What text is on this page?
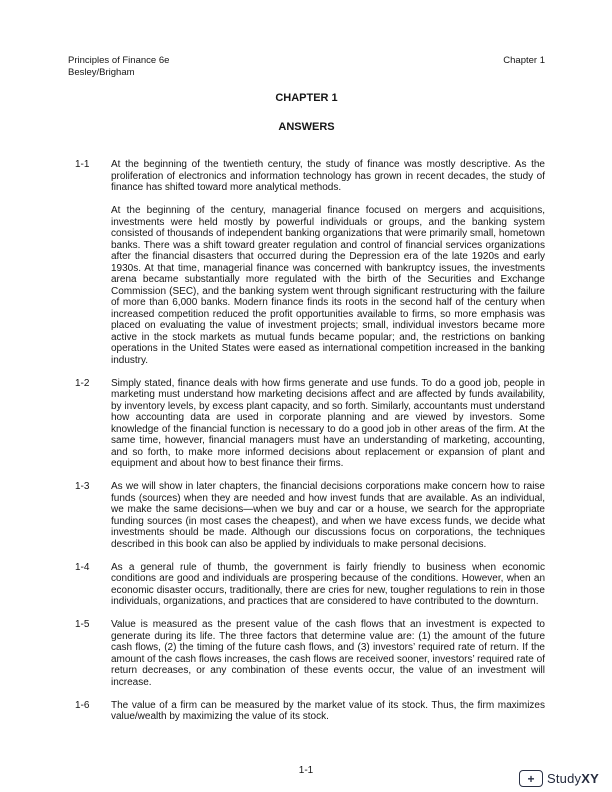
Principles of Finance 6e
Besley/Brigham
Chapter 1
CHAPTER 1
ANSWERS
1-1	At the beginning of the twentieth century, the study of finance was mostly descriptive. As the proliferation of electronics and information technology has grown in recent decades, the study of finance has shifted toward more analytical methods.

At the beginning of the century, managerial finance focused on mergers and acquisitions, investments were held mostly by powerful individuals or groups, and the banking system consisted of thousands of independent banking organizations that were primarily small, hometown banks. There was a shift toward greater regulation and control of financial services organizations after the financial disasters that occurred during the Depression era of the late 1920s and early 1930s. At that time, managerial finance was concerned with bankruptcy issues, the investments arena became substantially more regulated with the birth of the Securities and Exchange Commission (SEC), and the banking system went through significant restructuring with the failure of more than 6,000 banks. Modern finance finds its roots in the second half of the century when increased competition reduced the profit opportunities available to firms, so more emphasis was placed on evaluating the value of investment projects; small, individual investors became more active in the stock markets as mutual funds became popular; and, the restrictions on banking operations in the United States were eased as international competition increased in the banking industry.

1-2	Simply stated, finance deals with how firms generate and use funds. To do a good job, people in marketing must understand how marketing decisions affect and are affected by funds availability, by inventory levels, by excess plant capacity, and so forth. Similarly, accountants must understand how accounting data are used in corporate planning and are viewed by investors. Some knowledge of the financial function is necessary to do a good job in other areas of the firm. At the same time, however, financial managers must have an understanding of marketing, accounting, and so forth, to make more informed decisions about replacement or expansion of plant and equipment and about how to best finance their firms.

1-3	As we will show in later chapters, the financial decisions corporations make concern how to raise funds (sources) when they are needed and how invest funds that are available. As an individual, we make the same decisions—when we buy and car or a house, we search for the appropriate funding sources (in most cases the cheapest), and when we have excess funds, we decide what investments should be made. Although our discussions focus on corporations, the techniques described in this book can also be applied by individuals to make personal decisions.

1-4	As a general rule of thumb, the government is fairly friendly to business when economic conditions are good and individuals are prospering because of the conditions. However, when an economic disaster occurs, traditionally, there are cries for new, tougher regulations to rein in those individuals, organizations, and practices that are considered to have contributed to the downturn.

1-5	Value is measured as the present value of the cash flows that an investment is expected to generate during its life. The three factors that determine value are: (1) the amount of the future cash flows, (2) the timing of the future cash flows, and (3) investors’ required rate of return. If the amount of the cash flows increases, the cash flows are received sooner, investors’ required rate of return decreases, or any combination of these events occur, the value of an investment will increase.

1-6	The value of a firm can be measured by the market value of its stock. Thus, the firm maximizes value/wealth by maximizing the value of its stock.

1-1
+ StudyXY
